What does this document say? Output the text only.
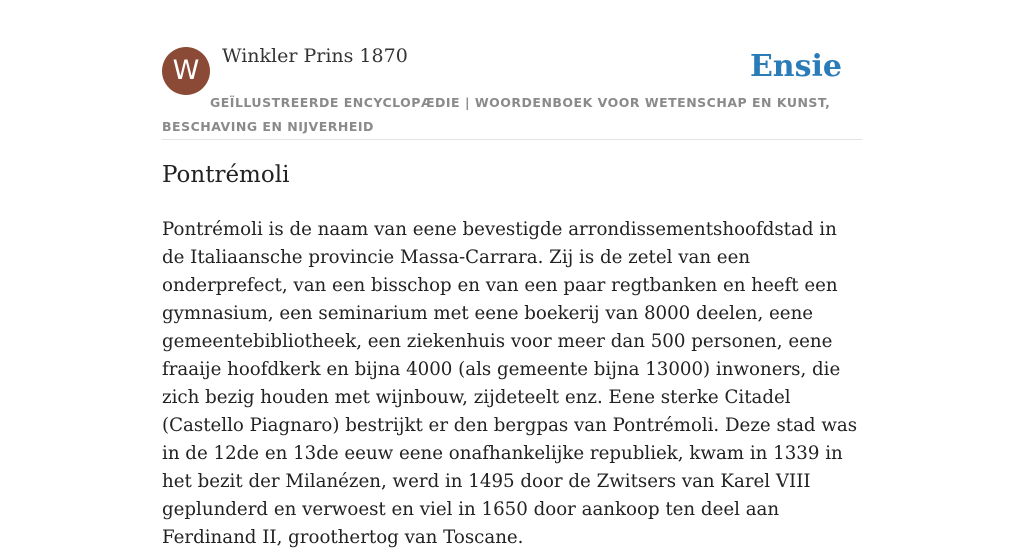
W	Winkler Prins 1870	Ensie
GEÏLLUSTREERDE ENCYCLOPÆDIE | WOORDENBOEK VOOR WETENSCHAP EN KUNST, BESCHAVING EN NIJVERHEID
Pontrémoli

Pontrémoli is de naam van eene bevestigde arrondissementshoofdstad in de Italiaansche provincie Massa-Carrara. Zij is de zetel van een onderprefect, van een bisschop en van een paar regtbanken en heeft een gymnasium, een seminarium met eene boekerij van 8000 deelen, eene gemeentebibliotheek, een ziekenhuis voor meer dan 500 personen, eene fraaije hoofdkerk en bijna 4000 (als gemeente bijna 13000) inwoners, die zich bezig houden met wijnbouw, zijdeteelt enz. Eene sterke Citadel (Castello Piagnaro) bestrijkt er den bergpas van Pontrémoli. Deze stad was in de 12de en 13de eeuw eene onafhankelijke republiek, kwam in 1339 in het bezit der Milanézen, werd in 1495 door de Zwitsers van Karel VIII geplunderd en verwoest en viel in 1650 door aankoop ten deel aan Ferdinand II, groothertog van Toscane.
